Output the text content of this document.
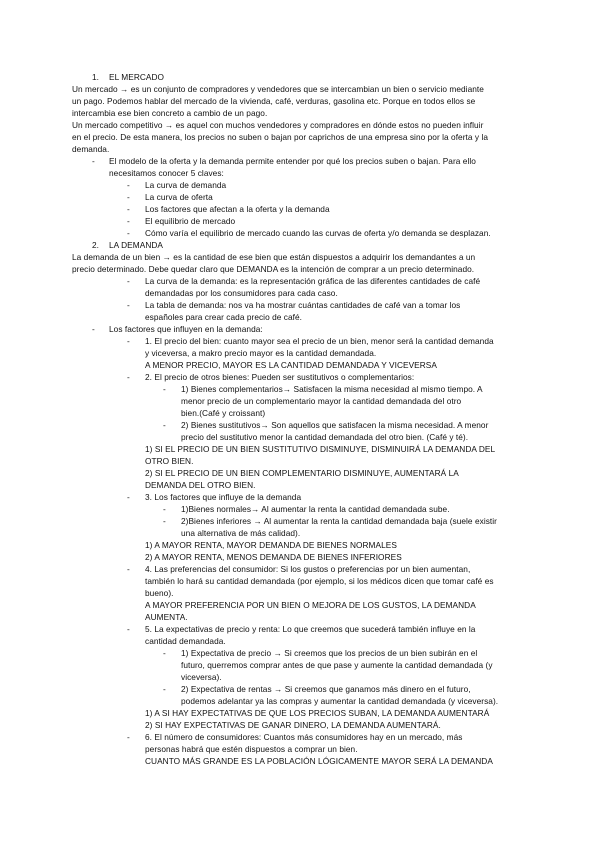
1. EL MERCADO
Un mercado → es un conjunto de compradores y vendedores que se intercambian un bien o servicio mediante
un pago. Podemos hablar del mercado de la vivienda, café, verduras, gasolina etc. Porque en todos ellos se
intercambia ese bien concreto a cambio de un pago.
Un mercado competitivo → es aquel con muchos vendedores y compradores en dónde estos no pueden influir
en el precio. De esta manera, los precios no suben o bajan por caprichos de una empresa sino por la oferta y la
demanda.
- El modelo de la oferta y la demanda permite entender por qué los precios suben o bajan. Para ello
necesitamos conocer 5 claves:
- La curva de demanda
- La curva de oferta
- Los factores que afectan a la oferta y la demanda
- El equilibrio de mercado
- Cómo varía el equilibrio de mercado cuando las curvas de oferta y/o demanda se desplazan.
2. LA DEMANDA
La demanda de un bien → es la cantidad de ese bien que están dispuestos a adquirir los demandantes a un
precio determinado. Debe quedar claro que DEMANDA es la intención de comprar a un precio determinado.
- La curva de la demanda: es la representación gráfica de las diferentes cantidades de café
demandadas por los consumidores para cada caso.
- La tabla de demanda: nos va ha mostrar cuántas cantidades de café van a tomar los
españoles para crear cada precio de café.
- Los factores que influyen en la demanda:
- 1. El precio del bien: cuanto mayor sea el precio de un bien, menor será la cantidad demanda
y viceversa, a makro precio mayor es la cantidad demandada.
A MENOR PRECIO, MAYOR ES LA CANTIDAD DEMANDADA Y VICEVERSA
- 2. El precio de otros bienes: Pueden ser sustitutivos o complementarios:
- 1) Bienes complementarios→ Satisfacen la misma necesidad al mismo tiempo. A
menor precio de un complementario mayor la cantidad demandada del otro
bien.(Café y croissant)
- 2) Bienes sustitutivos→ Son aquellos que satisfacen la misma necesidad. A menor
precio del sustitutivo menor la cantidad demandada del otro bien. (Café y té).
1) SI EL PRECIO DE UN BIEN SUSTITUTIVO DISMINUYE, DISMINUIRÁ LA DEMANDA DEL
OTRO BIEN.
2) SI EL PRECIO DE UN BIEN COMPLEMENTARIO DISMINUYE, AUMENTARÁ LA
DEMANDA DEL OTRO BIEN.
- 3. Los factores que influye de la demanda
- 1)Bienes normales→ Al aumentar la renta la cantidad demandada sube.
- 2)Bienes inferiores → Al aumentar la renta la cantidad demandada baja (suele existir
una alternativa de más calidad).
1) A MAYOR RENTA, MAYOR DEMANDA DE BIENES NORMALES
2) A MAYOR RENTA, MENOS DEMANDA DE BIENES INFERIORES
- 4. Las preferencias del consumidor: Si los gustos o preferencias por un bien aumentan,
también lo hará su cantidad demandada (por ejemplo, si los médicos dicen que tomar café es
bueno).
A MAYOR PREFERENCIA POR UN BIEN O MEJORA DE LOS GUSTOS, LA DEMANDA
AUMENTA.
- 5. La expectativas de precio y renta: Lo que creemos que sucederá también influye en la
cantidad demandada.
- 1) Expectativa de precio → Si creemos que los precios de un bien subirán en el
futuro, querremos comprar antes de que pase y aumente la cantidad demandada (y
viceversa).
- 2) Expectativa de rentas → Si creemos que ganamos más dinero en el futuro,
podemos adelantar ya las compras y aumentar la cantidad demandada (y viceversa).
1) A SI HAY EXPECTATIVAS DE QUE LOS PRECIOS SUBAN, LA DEMANDA AUMENTARÁ
2) SI HAY EXPECTATIVAS DE GANAR DINERO, LA DEMANDA AUMENTARÁ.
- 6. El número de consumidores: Cuantos más consumidores hay en un mercado, más
personas habrá que estén dispuestos a comprar un bien.
CUANTO MÁS GRANDE ES LA POBLACIÓN LÓGICAMENTE MAYOR SERÁ LA DEMANDA
